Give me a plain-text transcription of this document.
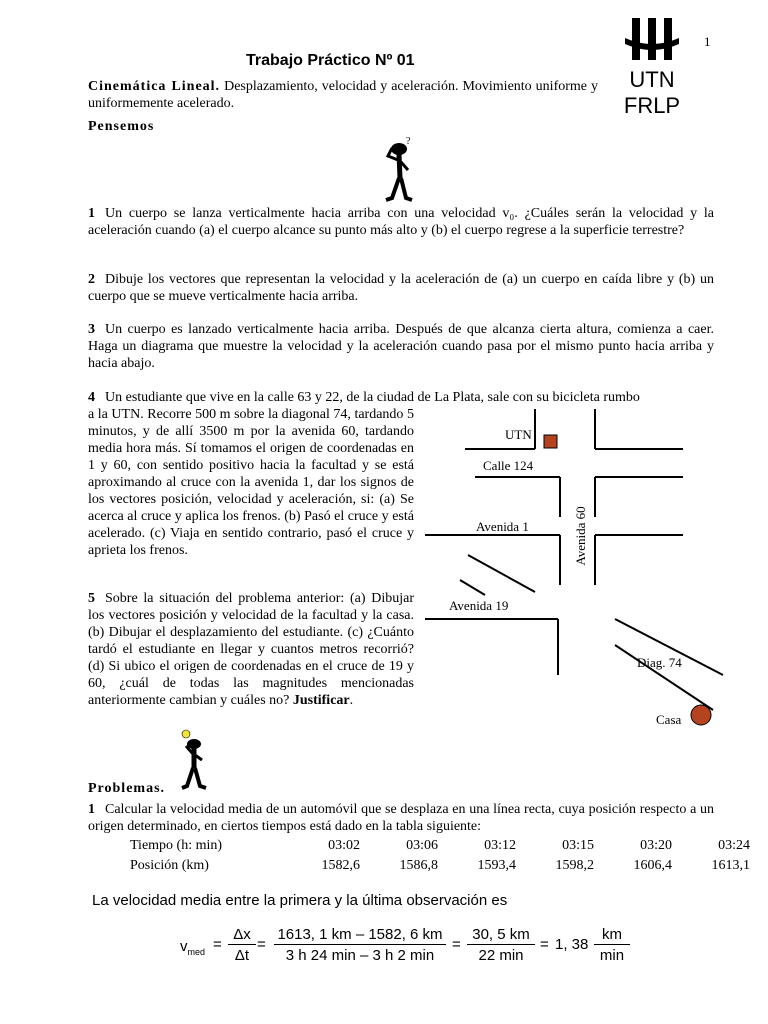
1
UTN
FRLP
Trabajo Práctico Nº 01
Cinemática Lineal. Desplazamiento, velocidad y aceleración. Movimiento uniforme y uniformemente acelerado.
Pensemos
?
1 Un cuerpo se lanza verticalmente hacia arriba con una velocidad v₀. ¿Cuáles serán la velocidad y la aceleración cuando (a) el cuerpo alcance su punto más alto y (b) el cuerpo regrese a la superficie terrestre?
2 Dibuje los vectores que representan la velocidad y la aceleración de (a) un cuerpo en caída libre y (b) un cuerpo que se mueve verticalmente hacia arriba.
3 Un cuerpo es lanzado verticalmente hacia arriba. Después de que alcanza cierta altura, comienza a caer. Haga un diagrama que muestre la velocidad y la aceleración cuando pasa por el mismo punto hacia arriba y hacia abajo.
4 Un estudiante que vive en la calle 63 y 22, de la ciudad de La Plata, sale con su bicicleta rumbo
a la UTN. Recorre 500 m sobre la diagonal 74, tardando 5 minutos, y de allí 3500 m por la avenida 60, tardando media hora más. Sí tomamos el origen de coordenadas en 1 y 60, con sentido positivo hacia la facultad y se está aproximando al cruce con la avenida 1, dar los signos de los vectores posición, velocidad y aceleración, si: (a) Se acerca al cruce y aplica los frenos. (b) Pasó el cruce y está acelerado. (c) Viaja en sentido contrario, pasó el cruce y aprieta los frenos.
5 Sobre la situación del problema anterior: (a) Dibujar los vectores posición y velocidad de la facultad y la casa. (b) Dibujar el desplazamiento del estudiante. (c) ¿Cuánto tardó el estudiante en llegar y cuantos metros recorrió? (d) Si ubico el origen de coordenadas en el cruce de 19 y 60, ¿cuál de todas las magnitudes mencionadas anteriormente cambian y cuáles no? Justificar.
UTN
Calle 124
Avenida 1	Avenida 60
Avenida 19
Diag. 74
Casa
Problemas.
1 Calcular la velocidad media de un automóvil que se desplaza en una línea recta, cuya posición respecto a un origen determinado, en ciertos tiempos está dado en la tabla siguiente:
Tiempo (h: min)	03:02	03:06	03:12	03:15	03:20	03:24
Posición (km)	1582,6	1586,8	1593,4	1598,2	1606,4	1613,1
La velocidad media entre la primera y la última observación es
$v_{med} = \frac{\Delta x}{\Delta t}$ =
1613, 1 km – 1582, 6 km
3 h 24 min – 3 h 2 min
=
30, 5 km
22 min
= 1, 38
km
min
